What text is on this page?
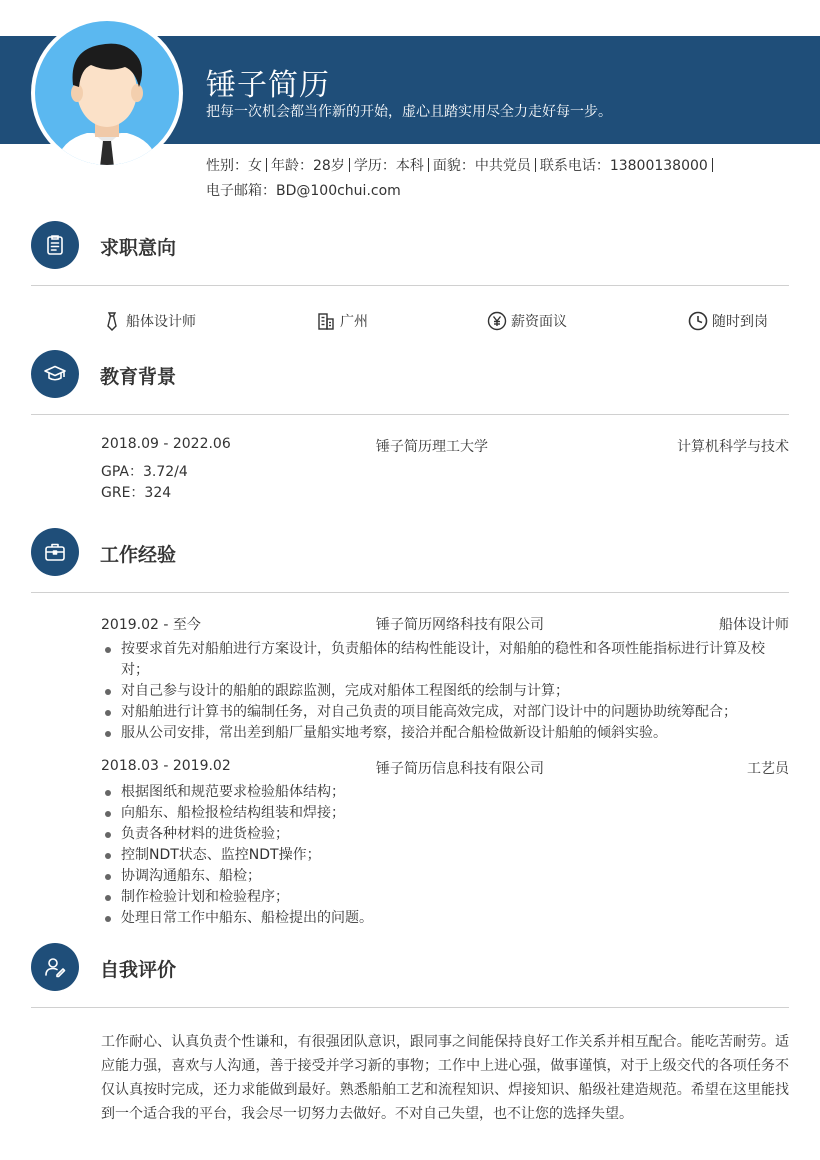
锤子简历
把每一次机会都当作新的开始，虚心且踏实用尽全力走好每一步。
性别：女 年龄：28岁 学历：本科 面貌：中共党员 联系电话：13800138000
电子邮箱：BD@100chui.com
求职意向
船体设计师	广州	薪资面议	随时到岗
教育背景
2018.09 - 2022.06	锤子简历理工大学	计算机科学与技术
GPA：3.72/4
GRE：324
工作经验
2019.02 - 至今	锤子简历网络科技有限公司	船体设计师
按要求首先对船舶进行方案设计，负责船体的结构性能设计，对船舶的稳性和各项性能指标进行计算及校对；
对自己参与设计的船舶的跟踪监测，完成对船体工程图纸的绘制与计算；
对船舶进行计算书的编制任务，对自己负责的项目能高效完成，对部门设计中的问题协助统筹配合；
服从公司安排，常出差到船厂量船实地考察，接洽并配合船检做新设计船舶的倾斜实验。
2018.03 - 2019.02	锤子简历信息科技有限公司	工艺员
根据图纸和规范要求检验船体结构；
向船东、船检报检结构组装和焊接；
负责各种材料的进货检验；
控制NDT状态、监控NDT操作；
协调沟通船东、船检；
制作检验计划和检验程序；
处理日常工作中船东、船检提出的问题。
自我评价
工作耐心、认真负责个性谦和，有很强团队意识，跟同事之间能保持良好工作关系并相互配合。能吃苦耐劳。适应能力强，喜欢与人沟通，善于接受并学习新的事物；工作中上进心强，做事谨慎，对于上级交代的各项任务不仅认真按时完成，还力求能做到最好。熟悉船舶工艺和流程知识、焊接知识、船级社建造规范。希望在这里能找到一个适合我的平台，我会尽一切努力去做好。不对自己失望，也不让您的选择失望。
